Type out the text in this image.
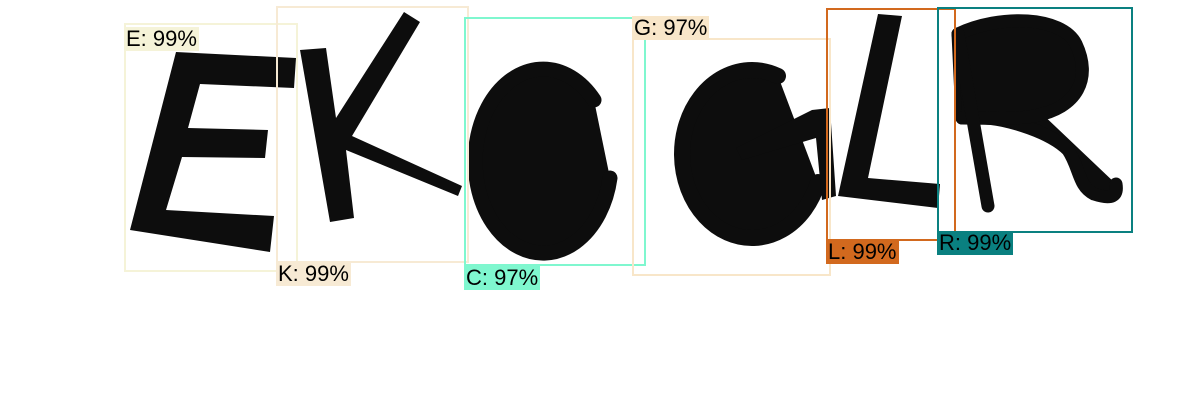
E: 99%
K: 99%	C: 97%
G: 97%
L: 99% R: 99%
